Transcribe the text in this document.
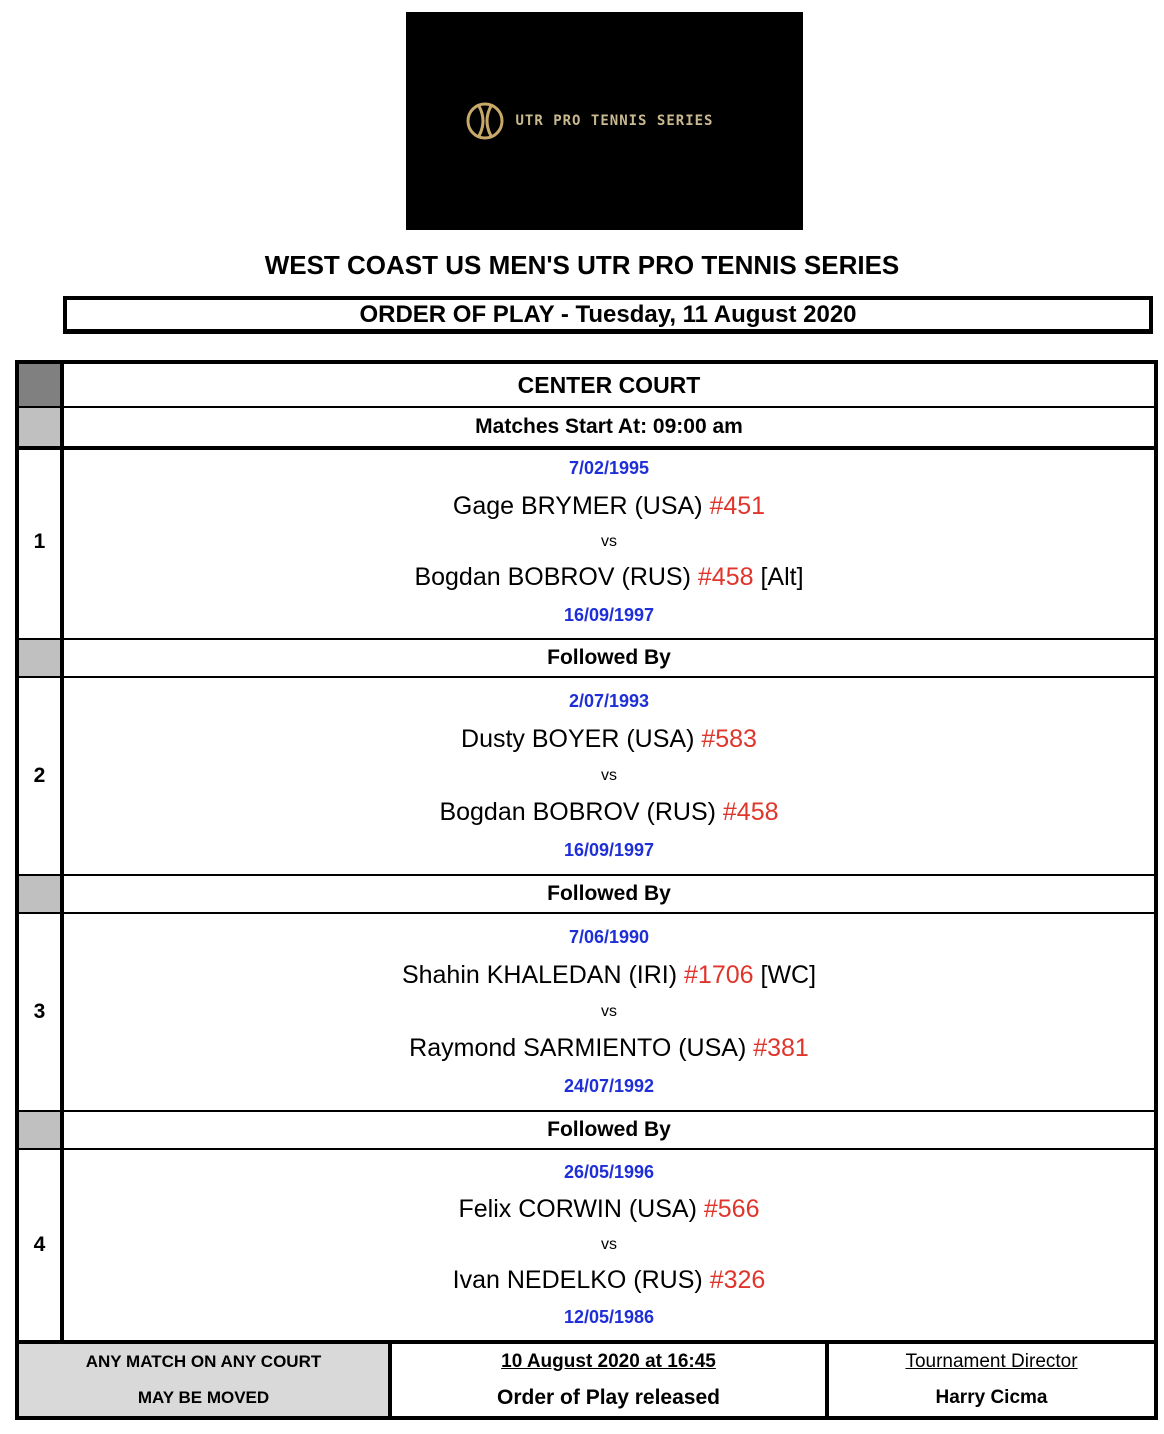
UTR PRO TENNIS SERIES
WEST COAST US MEN'S UTR PRO TENNIS SERIES
ORDER OF PLAY - Tuesday, 11 August 2020
CENTER COURT
Matches Start At: 09:00 am
1
7/02/1995
Gage BRYMER (USA) #451
vs
Bogdan BOBROV (RUS) #458 [Alt]
16/09/1997
Followed By
2
2/07/1993
Dusty BOYER (USA) #583
vs
Bogdan BOBROV (RUS) #458
16/09/1997
Followed By
3
7/06/1990
Shahin KHALEDAN (IRI) #1706 [WC]
vs
Raymond SARMIENTO (USA) #381
24/07/1992
Followed By
4
26/05/1996
Felix CORWIN (USA) #566
vs
Ivan NEDELKO (RUS) #326
12/05/1986
ANY MATCH ON ANY COURT
MAY BE MOVED
10 August 2020 at 16:45
Order of Play released
Tournament Director
Harry Cicma
